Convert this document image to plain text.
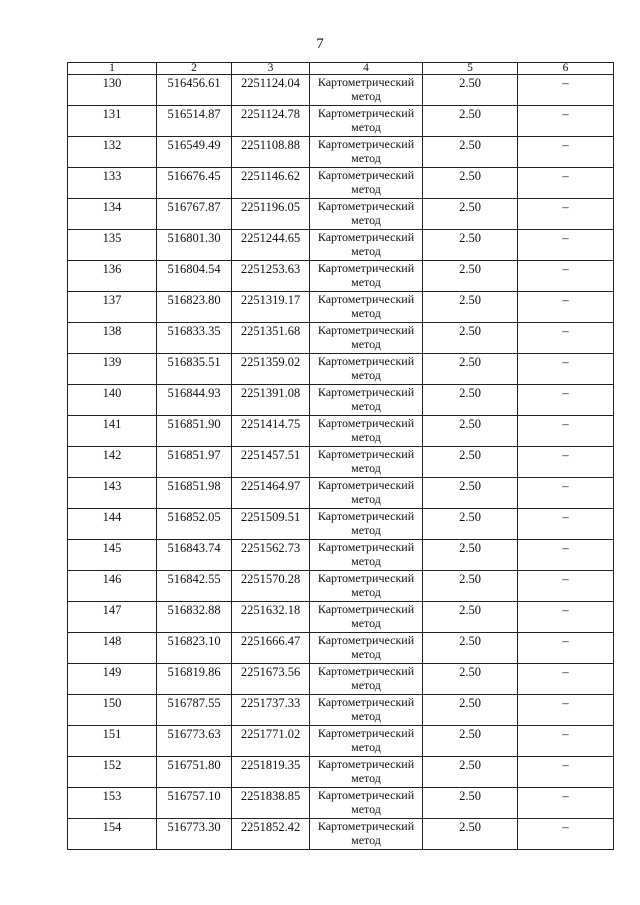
7
1	2	3	4	5	6
130	516456.61	2251124.04	Картометрический метод	2.50	–
131	516514.87	2251124.78	Картометрический метод	2.50	–
132	516549.49	2251108.88	Картометрический метод	2.50	–
133	516676.45	2251146.62	Картометрический метод	2.50	–
134	516767.87	2251196.05	Картометрический метод	2.50	–
135	516801.30	2251244.65	Картометрический метод	2.50	–
136	516804.54	2251253.63	Картометрический метод	2.50	–
137	516823.80	2251319.17	Картометрический метод	2.50	–
138	516833.35	2251351.68	Картометрический метод	2.50	–
139	516835.51	2251359.02	Картометрический метод	2.50	–
140	516844.93	2251391.08	Картометрический метод	2.50	–
141	516851.90	2251414.75	Картометрический метод	2.50	–
142	516851.97	2251457.51	Картометрический метод	2.50	–
143	516851.98	2251464.97	Картометрический метод	2.50	–
144	516852.05	2251509.51	Картометрический метод	2.50	–
145	516843.74	2251562.73	Картометрический метод	2.50	–
146	516842.55	2251570.28	Картометрический метод	2.50	–
147	516832.88	2251632.18	Картометрический метод	2.50	–
148	516823.10	2251666.47	Картометрический метод	2.50	–
149	516819.86	2251673.56	Картометрический метод	2.50	–
150	516787.55	2251737.33	Картометрический метод	2.50	–
151	516773.63	2251771.02	Картометрический метод	2.50	–
152	516751.80	2251819.35	Картометрический метод	2.50	–
153	516757.10	2251838.85	Картометрический метод	2.50	–
154	516773.30	2251852.42	Картометрический метод	2.50	–
